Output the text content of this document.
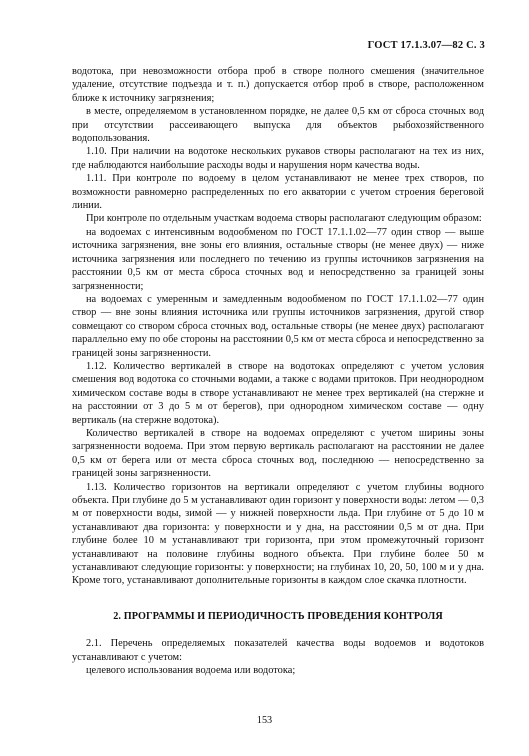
ГОСТ 17.1.3.07—82 С. 3

водотока, при невозможности отбора проб в створе полного смешения (значительное удаление, отсутствие подъезда и т. п.) допускается отбор проб в створе, расположенном ближе к источнику загрязнения;

в месте, определяемом в установленном порядке, не далее 0,5 км от сброса сточных вод при отсутствии рассеивающего выпуска для объектов рыбохозяйственного водопользования.

1.10. При наличии на водотоке нескольких рукавов створы располагают на тех из них, где наблюдаются наибольшие расходы воды и нарушения норм качества воды.

1.11. При контроле по водоему в целом устанавливают не менее трех створов, по возможности равномерно распределенных по его акватории с учетом строения береговой линии.

При контроле по отдельным участкам водоема створы располагают следующим образом:

на водоемах с интенсивным водообменом по ГОСТ 17.1.1.02—77 один створ — выше источника загрязнения, вне зоны его влияния, остальные створы (не менее двух) — ниже источника загрязнения или последнего по течению из группы источников загрязнения на расстоянии 0,5 км от места сброса сточных вод и непосредственно за границей зоны загрязненности;

на водоемах с умеренным и замедленным водообменом по ГОСТ 17.1.1.02—77 один створ — вне зоны влияния источника или группы источников загрязнения, другой створ совмещают со створом сброса сточных вод, остальные створы (не менее двух) располагают параллельно ему по обе стороны на расстоянии 0,5 км от места сброса и непосредственно за границей зоны загрязненности.

1.12. Количество вертикалей в створе на водотоках определяют с учетом условия смешения вод водотока со сточными водами, а также с водами притоков. При неоднородном химическом составе воды в створе устанавливают не менее трех вертикалей (на стержне и на расстоянии от 3 до 5 м от берегов), при однородном химическом составе — одну вертикаль (на стержне водотока).

Количество вертикалей в створе на водоемах определяют с учетом ширины зоны загрязненности водоема. При этом первую вертикаль располагают на расстоянии не далее 0,5 км от берега или от места сброса сточных вод, последнюю — непосредственно за границей зоны загрязненности.

1.13. Количество горизонтов на вертикали определяют с учетом глубины водного объекта. При глубине до 5 м устанавливают один горизонт у поверхности воды: летом — 0,3 м от поверхности воды, зимой — у нижней поверхности льда. При глубине от 5 до 10 м устанавливают два горизонта: у поверхности и у дна, на расстоянии 0,5 м от дна. При глубине более 10 м устанавливают три горизонта, при этом промежуточный горизонт устанавливают на половине глубины водного объекта. При глубине более 50 м устанавливают следующие горизонты: у поверхности; на глубинах 10, 20, 50, 100 м и у дна. Кроме того, устанавливают дополнительные горизонты в каждом слое скачка плотности.

2. ПРОГРАММЫ И ПЕРИОДИЧНОСТЬ ПРОВЕДЕНИЯ КОНТРОЛЯ

2.1. Перечень определяемых показателей качества воды водоемов и водотоков устанавливают с учетом:

целевого использования водоема или водотока;

153
